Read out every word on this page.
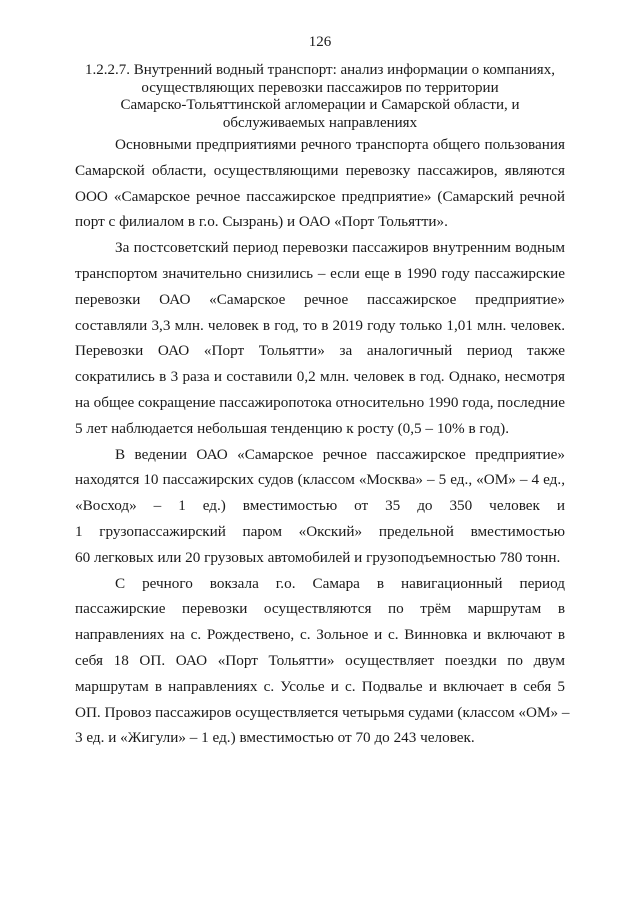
126
1.2.2.7. Внутренний водный транспорт: анализ информации о компаниях,
осуществляющих перевозки пассажиров по территории
Самарско-Тольяттинской агломерации и Самарской области, и
обслуживаемых направлениях
Основными предприятиями речного транспорта общего пользования
Самарской области, осуществляющими перевозку пассажиров, являются
ООО «Самарское речное пассажирское предприятие» (Самарский речной
порт с филиалом в г.о. Сызрань) и ОАО «Порт Тольятти».
За постсоветский период перевозки пассажиров внутренним водным
транспортом значительно снизились – если еще в 1990 году пассажирские
перевозки ОАО «Самарское речное пассажирское предприятие»
составляли 3,3 млн. человек в год, то в 2019 году только 1,01 млн. человек.
Перевозки ОАО «Порт Тольятти» за аналогичный период также
сократились в 3 раза и составили 0,2 млн. человек в год. Однако, несмотря
на общее сокращение пассажиропотока относительно 1990 года, последние
5 лет наблюдается небольшая тенденцию к росту (0,5 – 10% в год).
В ведении ОАО «Самарское речное пассажирское предприятие»
находятся 10 пассажирских судов (классом «Москва» – 5 ед., «ОМ» – 4 ед.,
«Восход» – 1 ед.) вместимостью от 35 до 350 человек и
1 грузопассажирский паром «Окский» предельной вместимостью
60 легковых или 20 грузовых автомобилей и грузоподъемностью 780 тонн.
С речного вокзала г.о. Самара в навигационный период
пассажирские перевозки осуществляются по трём маршрутам в
направлениях на с. Рождествено, с. Зольное и с. Винновка и включают в
себя 18 ОП. ОАО «Порт Тольятти» осуществляет поездки по двум
маршрутам в направлениях с. Усолье и с. Подвалье и включает в себя 5
ОП. Провоз пассажиров осуществляется четырьмя судами (классом «ОМ» –
3 ед. и «Жигули» – 1 ед.) вместимостью от 70 до 243 человек.
